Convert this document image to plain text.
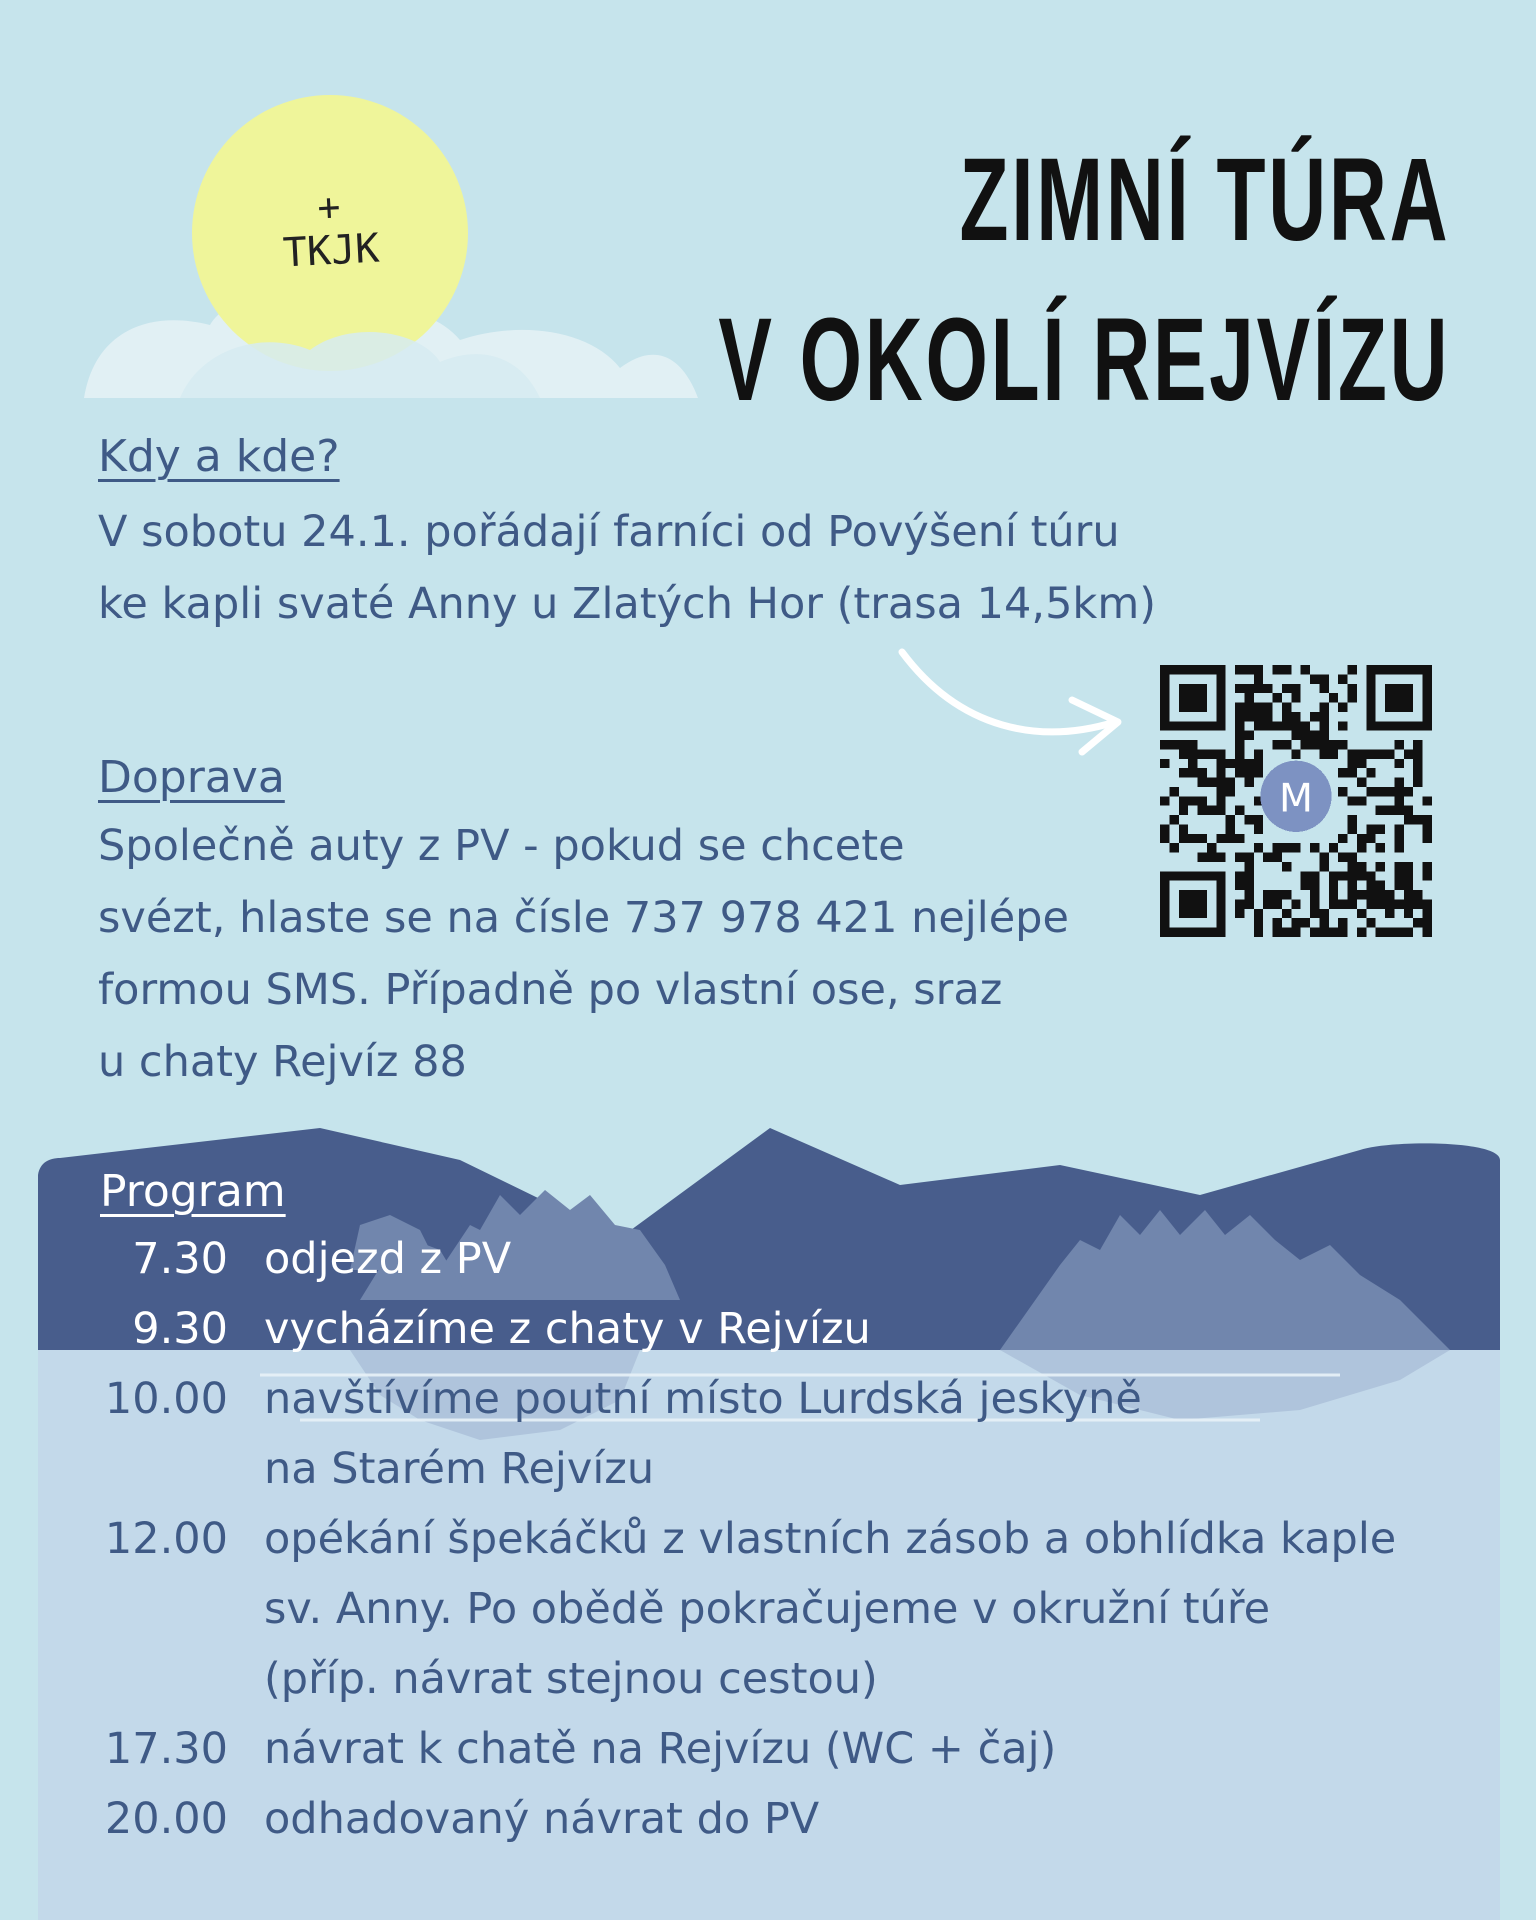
+
TKJK	ZIMNÍ TÚRA
V OKOLÍ REJVÍZU
Kdy a kde?
V sobotu 24.1. pořádají farníci od Povýšení túru
ke kapli svaté Anny u Zlatých Hor (trasa 14,5km)
Doprava
Společně auty z PV - pokud se chcete
svézt, hlaste se na čísle 737 978 421 nejlépe
formou SMS. Případně po vlastní ose, sraz
u chaty Rejvíz 88
M
Program
7.30 odjezd z PV
9.30 vycházíme z chaty v Rejvízu
10.00 navštívíme poutní místo Lurdská jeskyně
na Starém Rejvízu
12.00 opékání špekáčků z vlastních zásob a obhlídka kaple
sv. Anny. Po obědě pokračujeme v okružní túře
(příp. návrat stejnou cestou)
17.30 návrat k chatě na Rejvízu (WC + čaj)
20.00 odhadovaný návrat do PV
